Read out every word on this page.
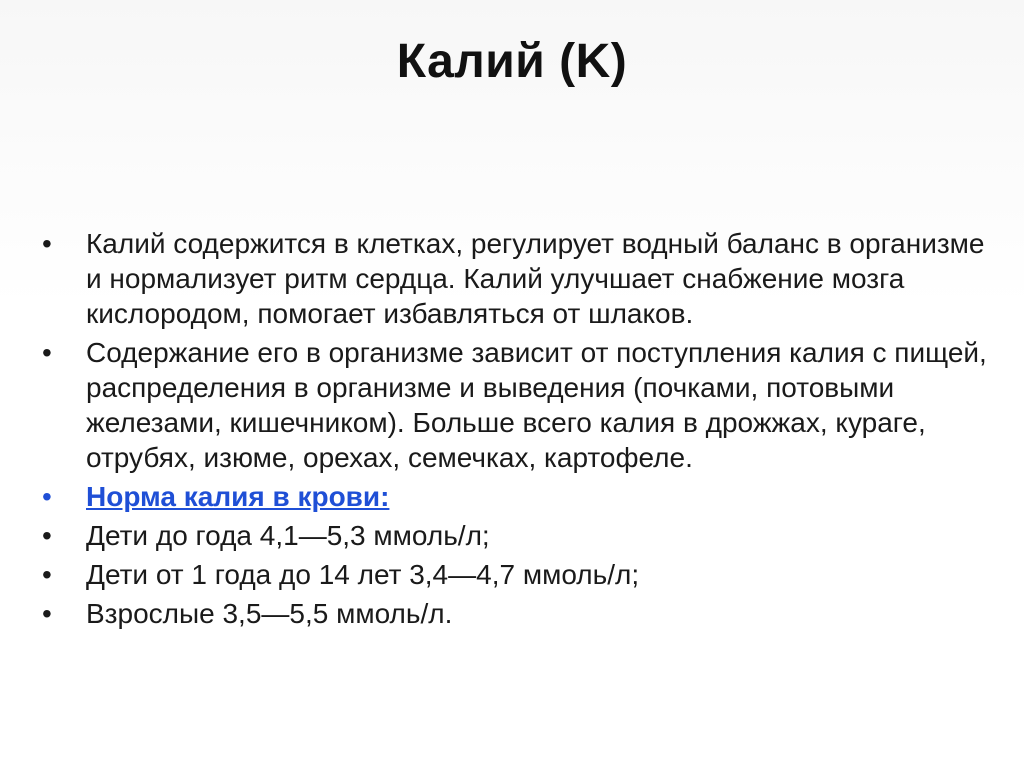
Калий (K)
•	Калий содержится в клетках, регулирует водный баланс в организме и нормализует ритм сердца. Калий улучшает снабжение мозга кислородом, помогает избавляться от шлаков.
•	Содержание его в организме зависит от поступления калия с пищей, распределения в организме и выведения (почками, потовыми железами, кишечником). Больше всего калия в дрожжах, кураге, отрубях, изюме, орехах, семечках, картофеле.
•	Норма калия в крови:
•	Дети до года 4,1—5,3 ммоль/л;
•	Дети от 1 года до 14 лет 3,4—4,7 ммоль/л;
•	Взрослые 3,5—5,5 ммоль/л.
